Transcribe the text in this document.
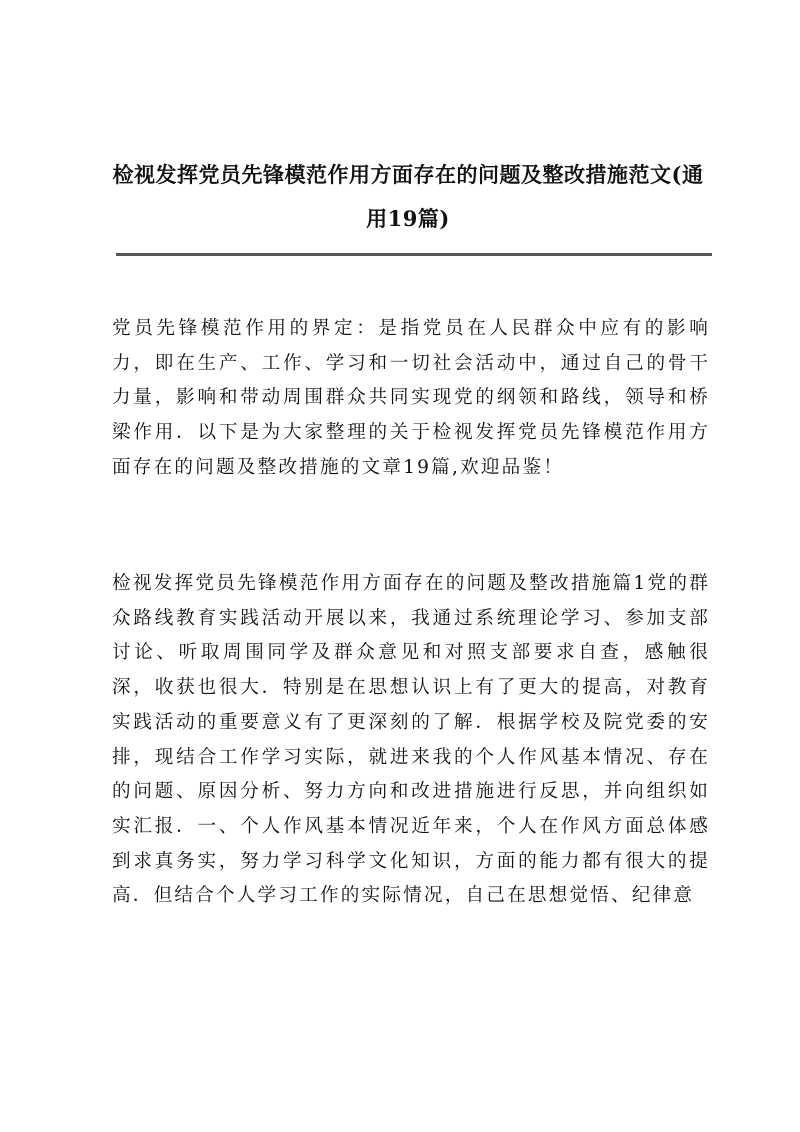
检视发挥党员先锋模范作用方面存在的问题及整改措施范文(通用19篇)

党员先锋模范作用的界定：是指党员在人民群众中应有的影响力，即在生产、工作、学习和一切社会活动中，通过自己的骨干力量，影响和带动周围群众共同实现党的纲领和路线，领导和桥梁作用．以下是为大家整理的关于检视发挥党员先锋模范作用方面存在的问题及整改措施的文章19篇,欢迎品鉴！

检视发挥党员先锋模范作用方面存在的问题及整改措施篇1党的群众路线教育实践活动开展以来，我通过系统理论学习、参加支部讨论、听取周围同学及群众意见和对照支部要求自查，感触很深，收获也很大．特别是在思想认识上有了更大的提高，对教育实践活动的重要意义有了更深刻的了解．根据学校及院党委的安排，现结合工作学习实际，就进来我的个人作风基本情况、存在的问题、原因分析、努力方向和改进措施进行反思，并向组织如实汇报．一、个人作风基本情况近年来，个人在作风方面总体感到求真务实，努力学习科学文化知识，方面的能力都有很大的提高．但结合个人学习工作的实际情况，自己在思想觉悟、纪律意
